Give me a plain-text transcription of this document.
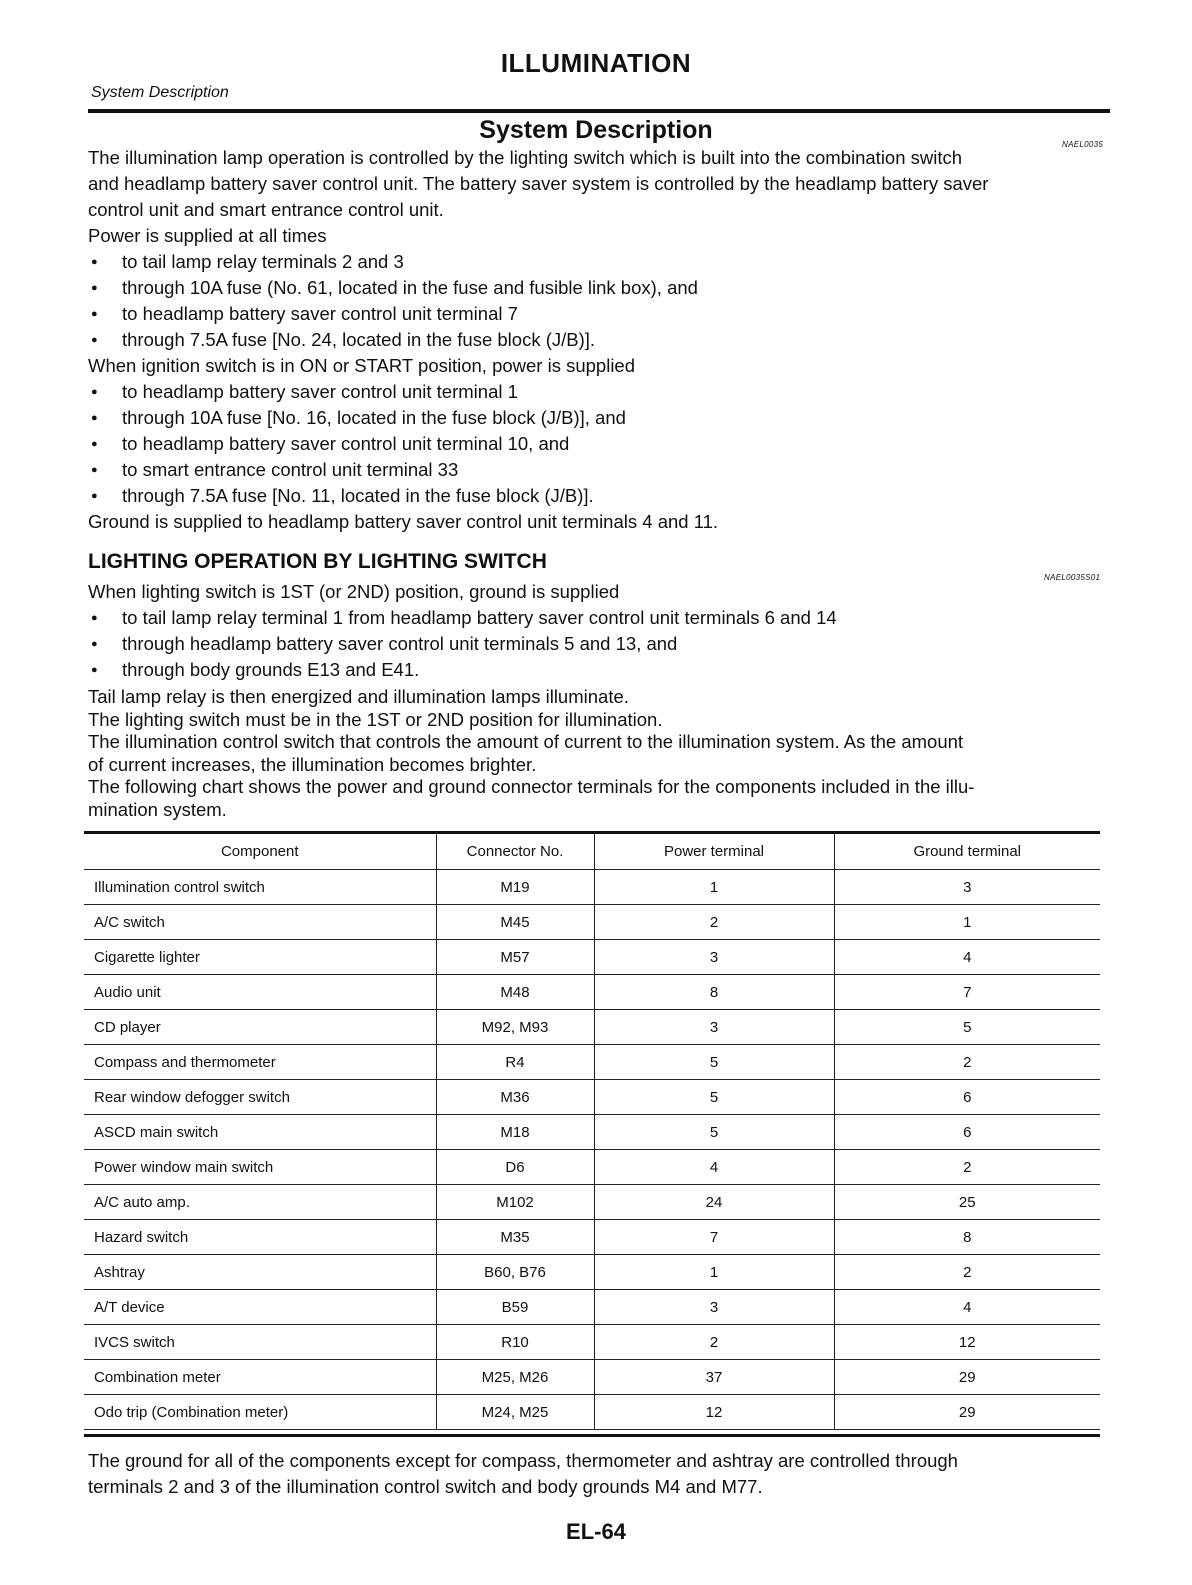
ILLUMINATION
System Description
System Description
NAEL0035
The illumination lamp operation is controlled by the lighting switch which is built into the combination switch
and headlamp battery saver control unit. The battery saver system is controlled by the headlamp battery saver
control unit and smart entrance control unit.
Power is supplied at all times
● to tail lamp relay terminals 2 and 3
● through 10A fuse (No. 61, located in the fuse and fusible link box), and
● to headlamp battery saver control unit terminal 7
● through 7.5A fuse [No. 24, located in the fuse block (J/B)].
When ignition switch is in ON or START position, power is supplied
● to headlamp battery saver control unit terminal 1
● through 10A fuse [No. 16, located in the fuse block (J/B)], and
● to headlamp battery saver control unit terminal 10, and
● to smart entrance control unit terminal 33
● through 7.5A fuse [No. 11, located in the fuse block (J/B)].
Ground is supplied to headlamp battery saver control unit terminals 4 and 11.
LIGHTING OPERATION BY LIGHTING SWITCH
NAEL0035S01
When lighting switch is 1ST (or 2ND) position, ground is supplied
● to tail lamp relay terminal 1 from headlamp battery saver control unit terminals 6 and 14
● through headlamp battery saver control unit terminals 5 and 13, and
● through body grounds E13 and E41.
Tail lamp relay is then energized and illumination lamps illuminate.
The lighting switch must be in the 1ST or 2ND position for illumination.
The illumination control switch that controls the amount of current to the illumination system. As the amount
of current increases, the illumination becomes brighter.
The following chart shows the power and ground connector terminals for the components included in the illu-
mination system.
Component	Connector No.	Power terminal	Ground terminal
Illumination control switch	M19	1	3
A/C switch	M45	2	1
Cigarette lighter	M57	3	4
Audio unit	M48	8	7
CD player	M92, M93	3	5
Compass and thermometer	R4	5	2
Rear window defogger switch	M36	5	6
ASCD main switch	M18	5	6
Power window main switch	D6	4	2
A/C auto amp.	M102	24	25
Hazard switch	M35	7	8
Ashtray	B60, B76	1	2
A/T device	B59	3	4
IVCS switch	R10	2	12
Combination meter	M25, M26	37	29
Odo trip (Combination meter)	M24, M25	12	29
The ground for all of the components except for compass, thermometer and ashtray are controlled through
terminals 2 and 3 of the illumination control switch and body grounds M4 and M77.
EL-64
